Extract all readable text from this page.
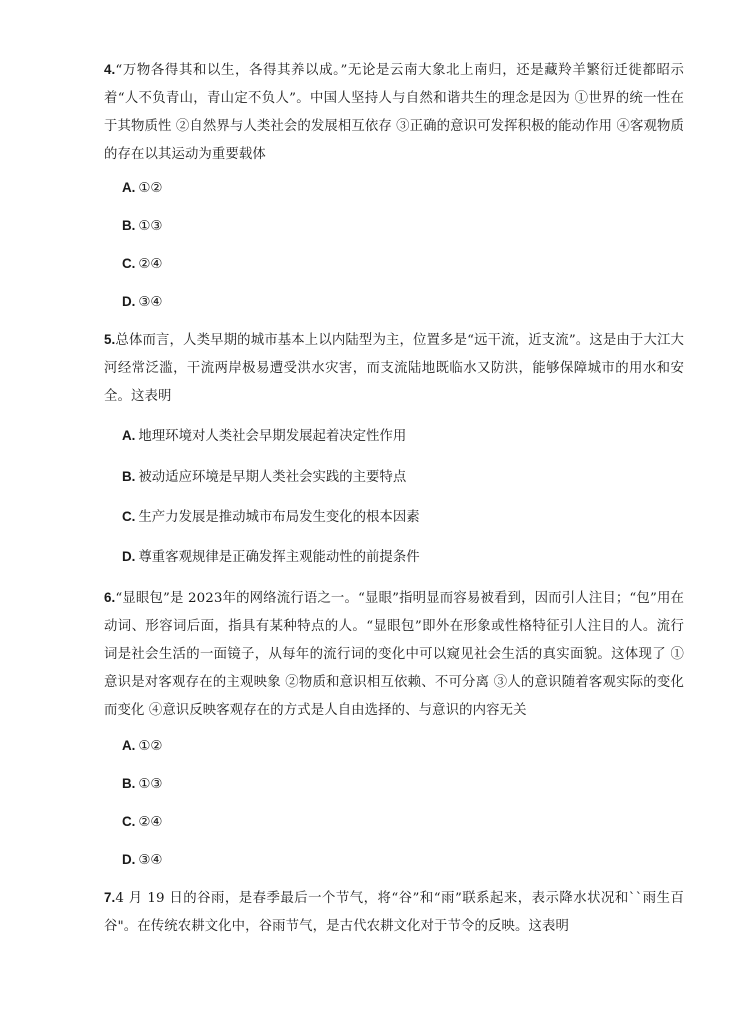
4.“万物各得其和以生，各得其养以成。”无论是云南大象北上南归，还是藏羚羊繁衍迁徙都昭示着“人不负青山，青山定不负人”。中国人坚持人与自然和谐共生的理念是因为 ①世界的统一性在于其物质性 ②自然界与人类社会的发展相互依存 ③正确的意识可发挥积极的能动作用 ④客观物质的存在以其运动为重要载体
A. ①②
B. ①③
C. ②④
D. ③④
5.总体而言，人类早期的城市基本上以内陆型为主，位置多是“远干流，近支流”。这是由于大江大河经常泛滥，干流两岸极易遭受洪水灾害，而支流陆地既临水又防洪，能够保障城市的用水和安全。这表明
A. 地理环境对人类社会早期发展起着决定性作用
B. 被动适应环境是早期人类社会实践的主要特点
C. 生产力发展是推动城市布局发生变化的根本因素
D. 尊重客观规律是正确发挥主观能动性的前提条件
6.“显眼包”是 2023年的网络流行语之一。“显眼”指明显而容易被看到，因而引人注目；“包”用在动词、形容词后面，指具有某种特点的人。“显眼包”即外在形象或性格特征引人注目的人。流行词是社会生活的一面镜子，从每年的流行词的变化中可以窥见社会生活的真实面貌。这体现了 ①意识是对客观存在的主观映象 ②物质和意识相互依赖、不可分离 ③人的意识随着客观实际的变化而变化 ④意识反映客观存在的方式是人自由选择的、与意识的内容无关
A. ①②
B. ①③
C. ②④
D. ③④
7.4 月 19 日的谷雨，是春季最后一个节气，将“谷”和“雨”联系起来，表示降水状况和``雨生百谷"。在传统农耕文化中，谷雨节气，是古代农耕文化对于节令的反映。这表明
